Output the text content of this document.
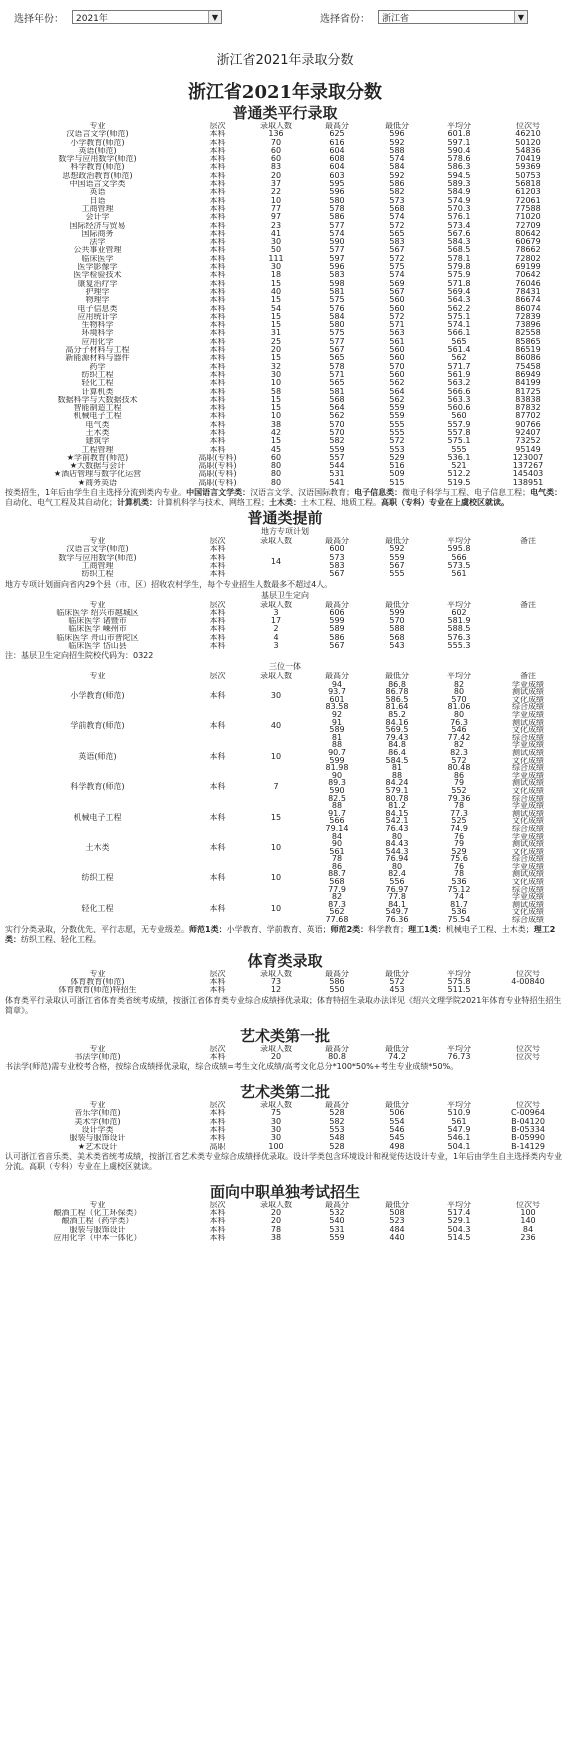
选择年份： 2021年	▼	选择省份： 浙江省	▼
浙江省2021年录取分数
浙江省2021年录取分数
普通类平行录取
专业	层次	录取人数	最高分	最低分	平均分	位次号
汉语言文学(师范)	本科	136	625	596	601.8	46210
小学教育(师范)	本科	70	616	592	597.1	50120
英语(师范)	本科	60	604	588	590.4	54836
数学与应用数学(师范)	本科	60	608	574	578.6	70419
科学教育(师范)	本科	83	604	584	586.3	59369
思想政治教育(师范)	本科	20	603	592	594.5	50753
中国语言文学类	本科	37	595	586	589.3	56818
英语	本科	22	596	582	584.9	61203
日语	本科	10	580	573	574.9	72061
工商管理	本科	77	578	568	570.3	77588
会计学	本科	97	586	574	576.1	71020
国际经济与贸易	本科	23	577	572	573.4	72709
国际商务	本科	41	574	565	567.6	80642
法学	本科	30	590	583	584.3	60679
公共事业管理	本科	50	577	567	568.5	78662
临床医学	本科	111	597	572	578.1	72802
医学影像学	本科	30	596	575	579.8	69199
医学检验技术	本科	18	583	574	575.9	70642
康复治疗学	本科	15	598	569	571.8	76046
护理学	本科	40	581	567	569.4	78431
物理学	本科	15	575	560	564.3	86674
电子信息类	本科	54	576	560	562.2	86074
应用统计学	本科	15	584	572	575.1	72839
生物科学	本科	15	580	571	574.1	73896
环境科学	本科	31	575	563	566.1	82558
应用化学	本科	25	577	561	565	85865
高分子材料与工程	本科	20	567	560	561.4	86519
新能源材料与器件	本科	15	565	560	562	86086
药学	本科	32	578	570	571.7	75458
纺织工程	本科	30	571	560	561.9	86949
轻化工程	本科	10	565	562	563.2	84199
计算机类	本科	58	581	564	566.6	81725
数据科学与大数据技术	本科	15	568	562	563.3	83838
智能制造工程	本科	15	564	559	560.6	87832
机械电子工程	本科	10	562	559	560	87702
电气类	本科	38	570	555	557.9	90766
土木类	本科	42	570	555	557.8	92407
建筑学	本科	15	582	572	575.1	73252
工程管理	本科	45	559	553	555	95149
★学前教育(师范)	高职(专科)	60	557	529	536.1	123007
★大数据与会计	高职(专科)	80	544	516	521	137267
★酒店管理与数字化运营	高职(专科)	80	531	509	512.2	145403
★商务英语	高职(专科)	80	541	515	519.5	138951
按类招生，1年后由学生自主选择分流到类内专业。中国语言文学类：汉语言文学、汉语国际教育；电子信息类：微电子科学与工程、电子信息工程；电气类：自动化、电气工程及其自动化；计算机类：计算机科学与技术、网络工程；土木类：土木工程、地质工程。高职（专科）专业在上虞校区就读。
普通类提前
地方专项计划
专业	层次	录取人数	最高分	最低分	平均分	备注
汉语言文学(师范)	本科	14	600	592	595.8	
数学与应用数学(师范)	本科		573	559	566	
工商管理	本科		583	567	573.5	
纺织工程	本科		567	555	561	
地方专项计划面向省内29个县（市、区）招收农村学生，每个专业招生人数最多不超过4人。
基层卫生定向
专业	层次	录取人数	最高分	最低分	平均分	备注
临床医学 绍兴市越城区	本科	3	606	599	602	
临床医学 诸暨市	本科	17	599	570	581.9	
临床医学 嵊州市	本科	2	589	588	588.5	
临床医学 舟山市普陀区	本科	4	586	568	576.3	
临床医学 岱山县	本科	3	567	543	555.3	
注：基层卫生定向招生院校代码为：0322
三位一体
专业	层次	录取人数	最高分	最低分	平均分	备注
小学教育(师范)	本科	30	94	86.8	82	学业成绩
			93.7	86.78	80	测试成绩
			601	586.5	570	文化成绩
			83.58	81.64	81.06	综合成绩
学前教育(师范)	本科	40	92	85.2	80	学业成绩
			91	84.16	76.3	测试成绩
			589	569.5	546	文化成绩
			81	79.43	77.42	综合成绩
英语(师范)	本科	10	88	84.8	82	学业成绩
			90.7	86.4	82.3	测试成绩
			599	584.5	572	文化成绩
			81.98	81	80.48	综合成绩
科学教育(师范)	本科	7	90	88	86	学业成绩
			89.3	84.24	79	测试成绩
			590	579.1	552	文化成绩
			82.5	80.78	79.36	综合成绩
机械电子工程	本科	15	88	81.2	78	学业成绩
			91.7	84.15	77.3	测试成绩
			566	542.1	525	文化成绩
			79.14	76.43	74.9	综合成绩
土木类	本科	10	84	80	76	学业成绩
			90	84.43	79	测试成绩
			561	544.3	529	文化成绩
			78	76.94	75.6	综合成绩
纺织工程	本科	10	86	80	76	学业成绩
			88.7	82.4	78	测试成绩
			568	556	536	文化成绩
			77.9	76.97	75.12	综合成绩
轻化工程	本科	10	82	77.8	74	学业成绩
			87.3	84.1	81.7	测试成绩
			562	549.7	536	文化成绩
			77.68	76.36	75.54	综合成绩
实行分类录取，分数优先、平行志愿，无专业级差。师范1类：小学教育、学前教育、英语；师范2类：科学教育；理工1类：机械电子工程、土木类；理工2类：纺织工程、轻化工程。
体育类录取
专业	层次	录取人数	最高分	最低分	平均分	位次号
体育教育(师范)	本科	73	586	572	575.8	4-00840
体育教育(师范)特招生	本科	12	550	453	511.5	
体育类平行录取认可浙江省体育类省统考成绩，按浙江省体育类专业综合成绩择优录取；体育特招生录取办法详见《绍兴文理学院2021年体育专业特招生招生简章》。
艺术类第一批
专业	层次	录取人数	最高分	最低分	平均分	位次号
书法学(师范)	本科	20	80.8	74.2	76.73	位次号
书法学(师范)需专业校考合格，按综合成绩择优录取，综合成绩=考生文化成绩/高考文化总分*100*50%+考生专业成绩*50%。
艺术类第二批
专业	层次	录取人数	最高分	最低分	平均分	位次号
音乐学(师范)	本科	75	528	506	510.9	C-00964
美术学(师范)	本科	30	582	554	561	B-04120
设计学类	本科	30	553	546	547.9	B-05334
服装与服饰设计	本科	30	548	545	546.1	B-05990
★艺术设计	高职	100	528	498	504.1	B-14129
认可浙江省音乐类、美术类省统考成绩，按浙江省艺术类专业综合成绩择优录取。设计学类包含环境设计和视觉传达设计专业，1年后由学生自主选择类内专业分流。高职（专科）专业在上虞校区就读。
面向中职单独考试招生
专业	层次	录取人数	最高分	最低分	平均分	位次号
酿酒工程（化工环保类）	本科	20	532	508	517.4	100
酿酒工程（药学类）	本科	20	540	523	529.1	140
服装与服饰设计	本科	78	531	484	504.3	84
应用化学（中本一体化）	本科	38	559	440	514.5	236
